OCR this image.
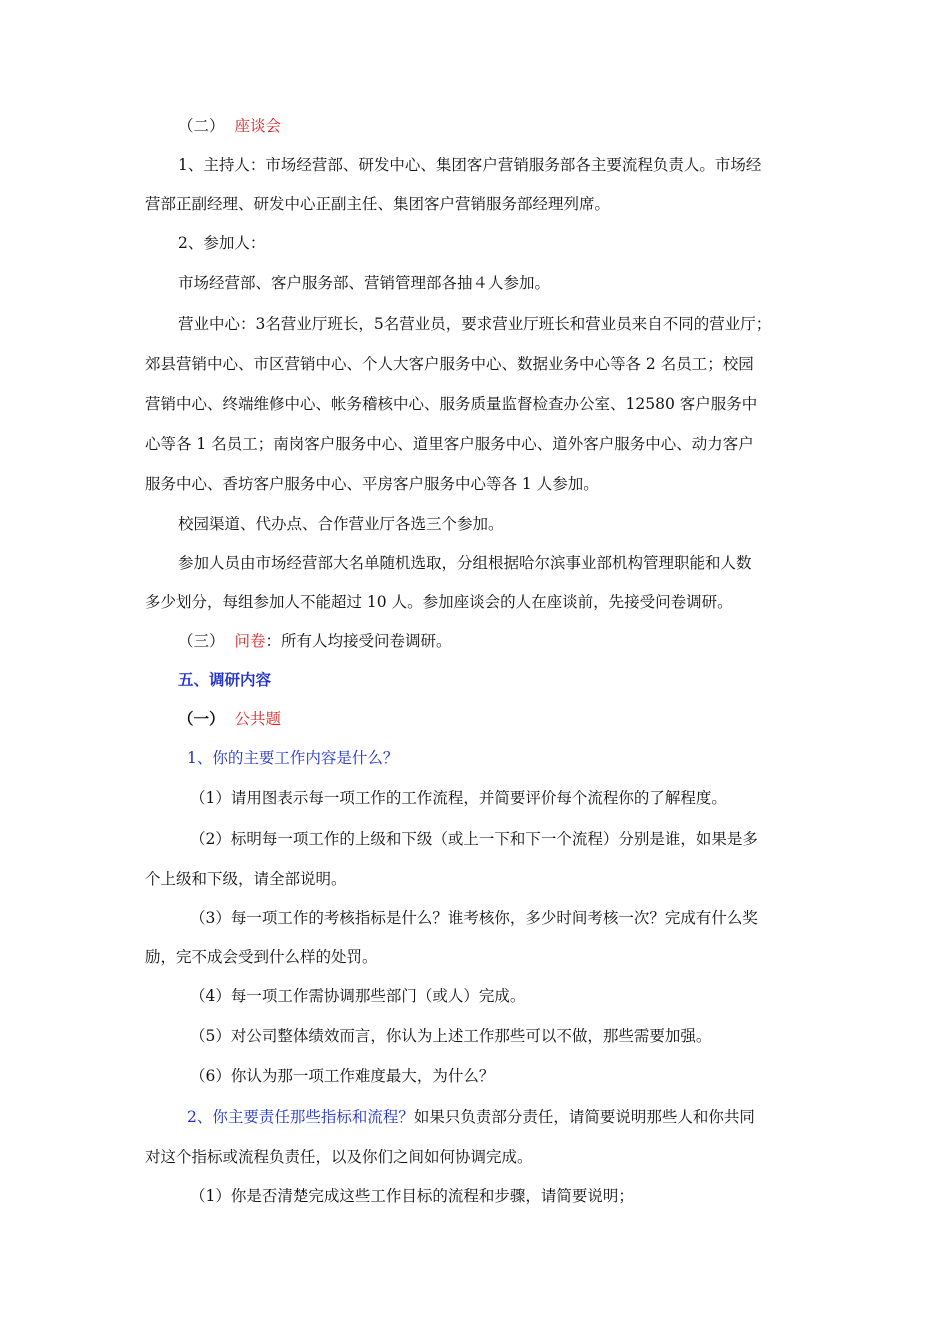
（二） 座谈会
1、主持人：市场经营部、研发中心、集团客户营销服务部各主要流程负责人。市场经
营部正副经理、研发中心正副主任、集团客户营销服务部经理列席。
2、参加人：
市场经营部、客户服务部、营销管理部各抽４人参加。
营业中心：3名营业厅班长，5名营业员，要求营业厅班长和营业员来自不同的营业厅；
郊县营销中心、市区营销中心、个人大客户服务中心、数据业务中心等各 2 名员工；校园
营销中心、终端维修中心、帐务稽核中心、服务质量监督检查办公室、12580 客户服务中
心等各 1 名员工；南岗客户服务中心、道里客户服务中心、道外客户服务中心、动力客户
服务中心、香坊客户服务中心、平房客户服务中心等各 1 人参加。
校园渠道、代办点、合作营业厅各选三个参加。
参加人员由市场经营部大名单随机选取，分组根据哈尔滨事业部机构管理职能和人数
多少划分，每组参加人不能超过 10 人。参加座谈会的人在座谈前，先接受问卷调研。
（三） 问卷：所有人均接受问卷调研。
五、调研内容
（一） 公共题
1、你的主要工作内容是什么？
（1）请用图表示每一项工作的工作流程，并简要评价每个流程你的了解程度。
（2）标明每一项工作的上级和下级（或上一下和下一个流程）分别是谁，如果是多
个上级和下级，请全部说明。
（3）每一项工作的考核指标是什么？谁考核你，多少时间考核一次？完成有什么奖
励，完不成会受到什么样的处罚。
（4）每一项工作需协调那些部门（或人）完成。
（5）对公司整体绩效而言，你认为上述工作那些可以不做，那些需要加强。
（6）你认为那一项工作难度最大，为什么？
2、你主要责任那些指标和流程？如果只负责部分责任，请简要说明那些人和你共同
对这个指标或流程负责任，以及你们之间如何协调完成。
（1）你是否清楚完成这些工作目标的流程和步骤，请简要说明；
